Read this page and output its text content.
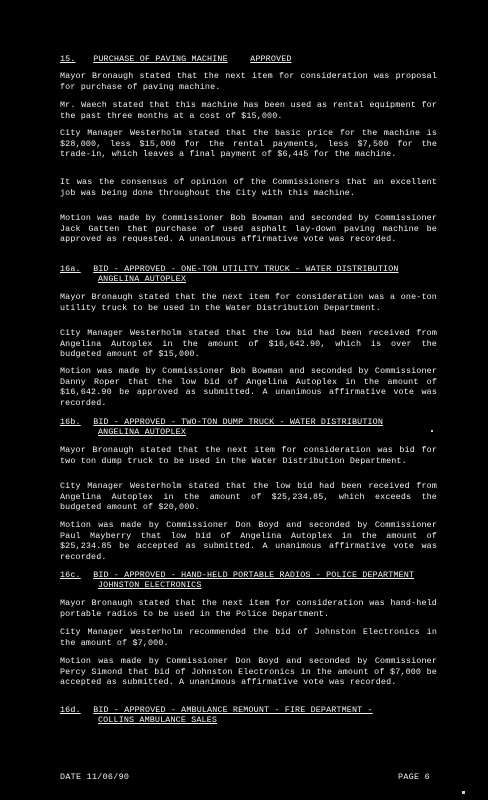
15. PURCHASE OF PAVING MACHINE	APPROVED

Mayor Bronaugh stated that the next item for consideration was proposal for purchase of paving machine.

Mr. Waech stated that this machine has been used as rental equipment for the past three months at a cost of $15,000.

City Manager Westerholm stated that the basic price for the machine is $28,000, less $15,000 for the rental payments, less $7,500 for the trade-in, which leaves a final payment of $6,445 for the machine.

It was the consensus of opinion of the Commissioners that an excellent job was being done throughout the City with this machine.

Motion was made by Commissioner Bob Bowman and seconded by Commissioner Jack Gatten that purchase of used asphalt lay-down paving machine be approved as requested. A unanimous affirmative vote was recorded.

16a. BID - APPROVED - ONE-TON UTILITY TRUCK - WATER DISTRIBUTION
ANGELINA AUTOPLEX

Mayor Bronaugh stated that the next item for consideration was a one-ton utility truck to be used in the Water Distribution Department.

City Manager Westerholm stated that the low bid had been received from Angelina Autoplex in the amount of $16,642.90, which is over the budgeted amount of $15,000.

Motion was made by Commissioner Bob Bowman and seconded by Commissioner Danny Roper that the low bid of Angelina Autoplex in the amount of $16,642.90 be approved as submitted. A unanimous affirmative vote was recorded.

16b. BID - APPROVED - TWO-TON DUMP TRUCK - WATER DISTRIBUTION
ANGELINA AUTOPLEX

Mayor Bronaugh stated that the next item for consideration was bid for two ton dump truck to be used in the Water Distribution Department.

City Manager Westerholm stated that the low bid had been received from Angelina Autoplex in the amount of $25,234.85, which exceeds the budgeted amount of $20,000.

Motion was made by Commissioner Don Boyd and seconded by Commissioner Paul Mayberry that low bid of Angelina Autoplex in the amount of $25,234.85 be accepted as submitted. A unanimous affirmative vote was recorded.

16c. BID - APPROVED - HAND-HELD PORTABLE RADIOS - POLICE DEPARTMENT
JOHNSTON ELECTRONICS

Mayor Bronaugh stated that the next item for consideration was hand-held portable radios to be used in the Police Department.

City Manager Westerholm recommended the bid of Johnston Electronics in the amount of $7,000.

Motion was made by Commissioner Don Boyd and seconded by Commissioner Percy Simond that bid of Johnston Electronics in the amount of $7,000 be accepted as submitted. A unanimous affirmative vote was recorded.

16d. BID - APPROVED - AMBULANCE REMOUNT - FIRE DEPARTMENT -
COLLINS AMBULANCE SALES
DATE 11/06/90	PAGE 6
